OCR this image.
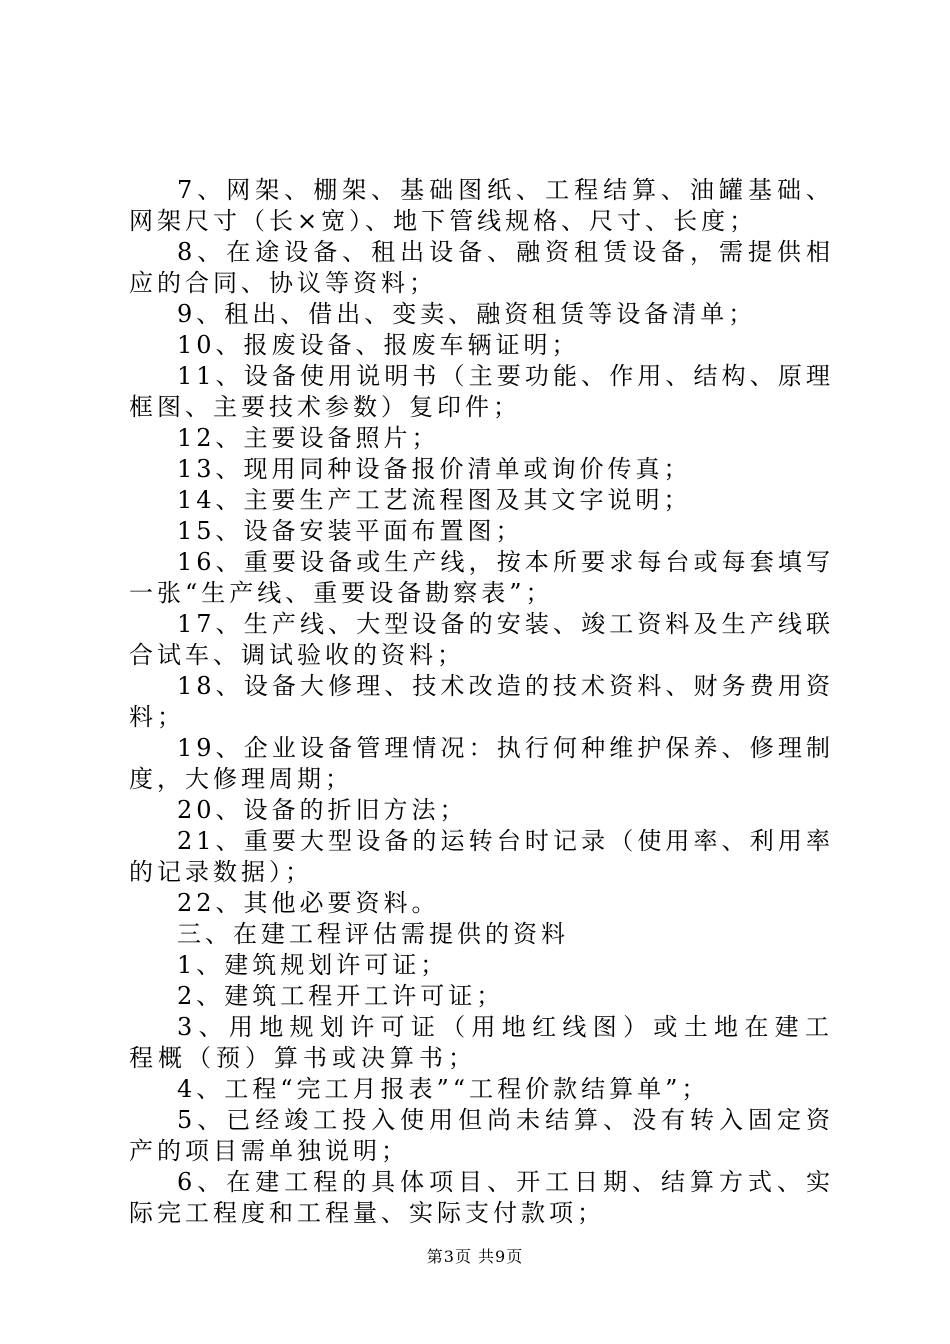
7、网架、棚架、基础图纸、工程结算、油罐基础、网架尺寸（长×宽）、地下管线规格、尺寸、长度；

8、在途设备、租出设备、融资租赁设备，需提供相应的合同、协议等资料；

9、租出、借出、变卖、融资租赁等设备清单；

10、报废设备、报废车辆证明；

11、设备使用说明书（主要功能、作用、结构、原理框图、主要技术参数）复印件；

12、主要设备照片；

13、现用同种设备报价清单或询价传真；

14、主要生产工艺流程图及其文字说明；

15、设备安装平面布置图；

16、重要设备或生产线，按本所要求每台或每套填写一张“生产线、重要设备勘察表”；

17、生产线、大型设备的安装、竣工资料及生产线联合试车、调试验收的资料；

18、设备大修理、技术改造的技术资料、财务费用资料；

19、企业设备管理情况：执行何种维护保养、修理制度，大修理周期；

20、设备的折旧方法；

21、重要大型设备的运转台时记录（使用率、利用率的记录数据）；

22、其他必要资料。

三、在建工程评估需提供的资料

1、建筑规划许可证；

2、建筑工程开工许可证；

3、用地规划许可证（用地红线图）或土地在建工程概（预）算书或决算书；

4、工程“完工月报表”“工程价款结算单”；

5、已经竣工投入使用但尚未结算、没有转入固定资产的项目需单独说明；

6、在建工程的具体项目、开工日期、结算方式、实际完工程度和工程量、实际支付款项；

第3页 共9页
